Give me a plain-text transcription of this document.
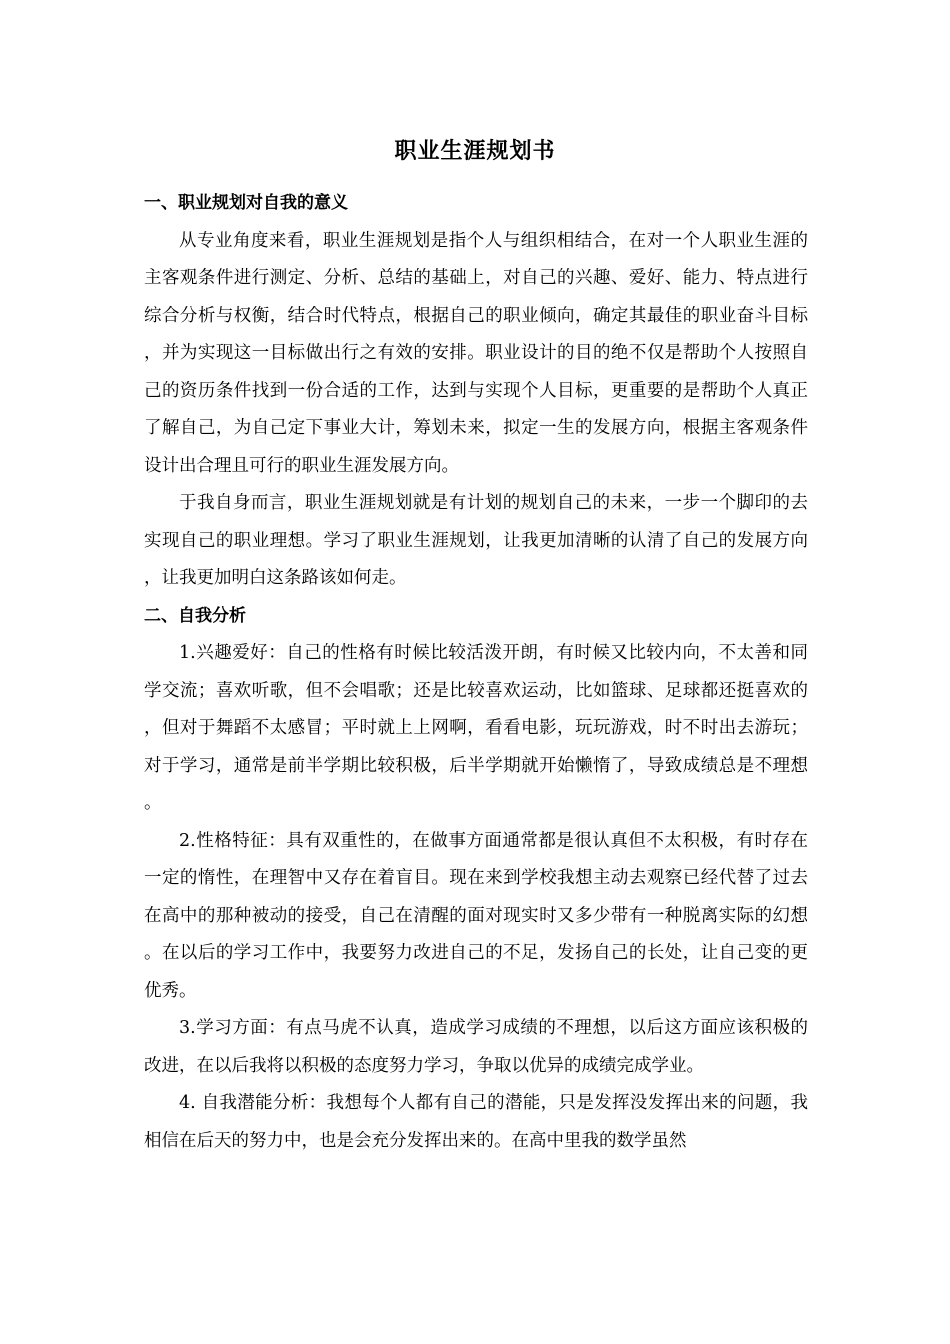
职业生涯规划书

一、职业规划对自我的意义

从专业角度来看，职业生涯规划是指个人与组织相结合，在对一个人职业生涯的主客观条件进行测定、分析、总结的基础上，对自己的兴趣、爱好、能力、特点进行综合分析与权衡，结合时代特点，根据自己的职业倾向，确定其最佳的职业奋斗目标，并为实现这一目标做出行之有效的安排。职业设计的目的绝不仅是帮助个人按照自己的资历条件找到一份合适的工作，达到与实现个人目标，更重要的是帮助个人真正了解自己，为自己定下事业大计，筹划未来，拟定一生的发展方向，根据主客观条件设计出合理且可行的职业生涯发展方向。

于我自身而言，职业生涯规划就是有计划的规划自己的未来，一步一个脚印的去实现自己的职业理想。学习了职业生涯规划，让我更加清晰的认清了自己的发展方向，让我更加明白这条路该如何走。

二、自我分析

1.兴趣爱好：自己的性格有时候比较活泼开朗，有时候又比较内向，不太善和同学交流；喜欢听歌，但不会唱歌；还是比较喜欢运动，比如篮球、足球都还挺喜欢的，但对于舞蹈不太感冒；平时就上上网啊，看看电影，玩玩游戏，时不时出去游玩；对于学习，通常是前半学期比较积极，后半学期就开始懒惰了，导致成绩总是不理想。

2.性格特征：具有双重性的，在做事方面通常都是很认真但不太积极，有时存在一定的惰性，在理智中又存在着盲目。现在来到学校我想主动去观察已经代替了过去在高中的那种被动的接受，自己在清醒的面对现实时又多少带有一种脱离实际的幻想。在以后的学习工作中，我要努力改进自己的不足，发扬自己的长处，让自己变的更优秀。

3.学习方面：有点马虎不认真，造成学习成绩的不理想，以后这方面应该积极的改进，在以后我将以积极的态度努力学习，争取以优异的成绩完成学业。

4. 自我潜能分析：我想每个人都有自己的潜能，只是发挥没发挥出来的问题，我相信在后天的努力中，也是会充分发挥出来的。在高中里我的数学虽然
